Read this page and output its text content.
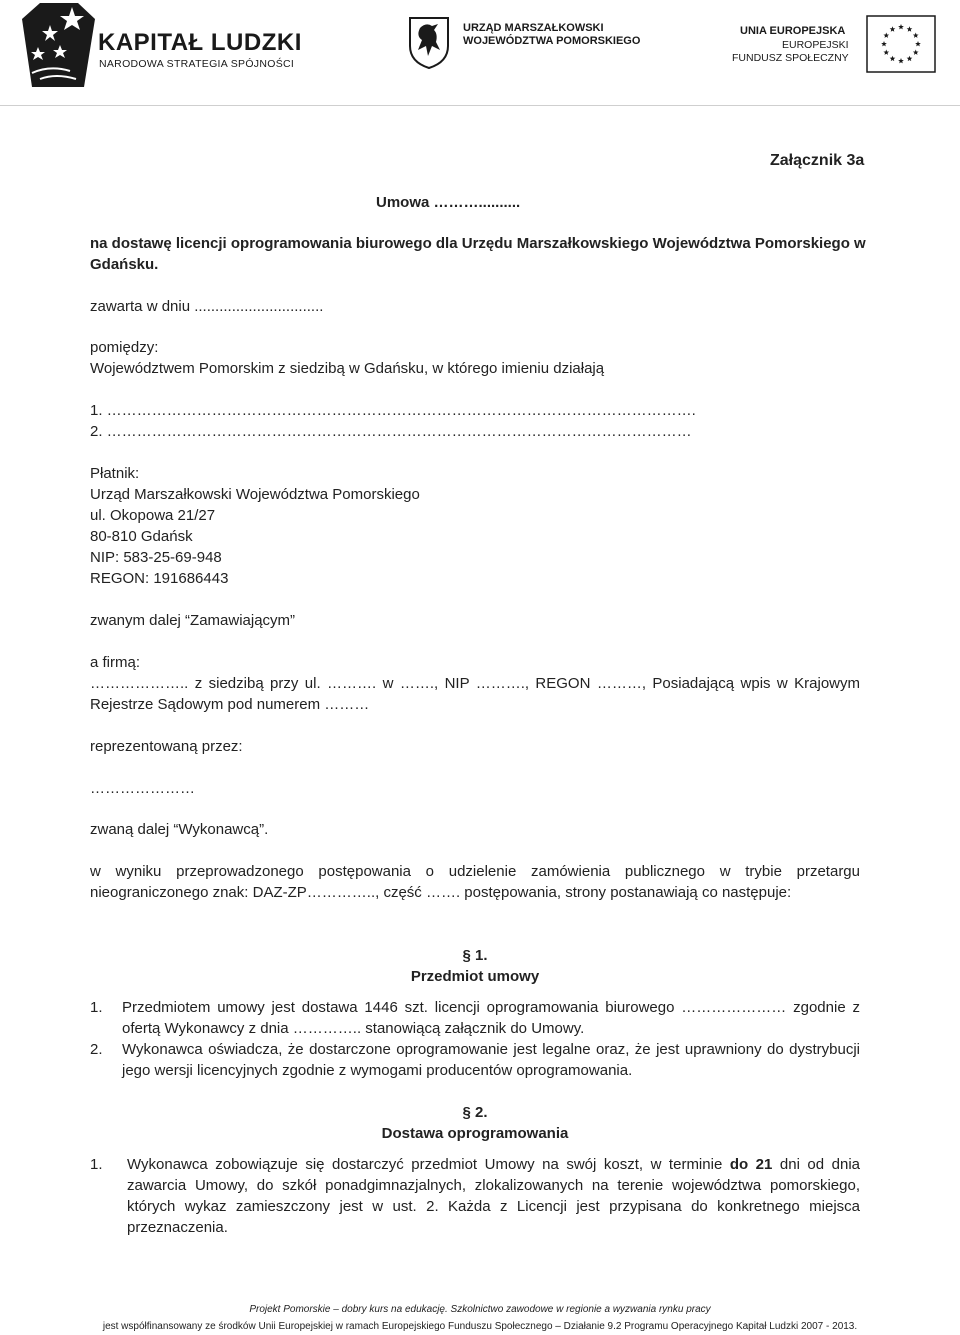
KAPITAŁ LUDZKI
NARODOWA STRATEGIA SPÓJNOŚCI
URZĄD MARSZAŁKOWSKI
WOJEWÓDZTWA POMORSKIEGO
UNIA EUROPEJSKA
EUROPEJSKI
FUNDUSZ SPOŁECZNY
Załącznik 3a
Umowa ………..........
na dostawę licencji oprogramowania biurowego dla Urzędu Marszałkowskiego Województwa Pomorskiego w Gdańsku.
zawarta w dniu ...............................
pomiędzy:
Województwem Pomorskim z siedzibą w Gdańsku, w którego imieniu działają
1. ……………………………………………………………………………………………………….
2. ………………………………………………………………………………………………………
Płatnik:
Urząd Marszałkowski Województwa Pomorskiego
ul. Okopowa 21/27
80-810 Gdańsk
NIP: 583-25-69-948
REGON: 191686443
zwanym dalej “Zamawiającym”
a firmą:
……………….. z siedzibą przy ul. ………. w ……., NIP ………., REGON ………, Posiadającą wpis w Krajowym Rejestrze Sądowym pod numerem ………
reprezentowaną przez:
…………………
zwaną dalej “Wykonawcą”.
w wyniku przeprowadzonego postępowania o udzielenie zamówienia publicznego w trybie przetargu nieograniczonego znak: DAZ-ZP………….., część ……. postępowania, strony postanawiają co następuje:
§ 1.
Przedmiot umowy
1. Przedmiotem umowy jest dostawa 1446 szt. licencji oprogramowania biurowego ………………… zgodnie z ofertą Wykonawcy z dnia ………….. stanowiącą załącznik do Umowy.
2. Wykonawca oświadcza, że dostarczone oprogramowanie jest legalne oraz, że jest uprawniony do dystrybucji jego wersji licencyjnych zgodnie z wymogami producentów oprogramowania.
§ 2.
Dostawa oprogramowania
1. Wykonawca zobowiązuje się dostarczyć przedmiot Umowy na swój koszt, w terminie do 21 dni od dnia zawarcia Umowy, do szkół ponadgimnazjalnych, zlokalizowanych na terenie województwa pomorskiego, których wykaz zamieszczony jest w ust. 2. Każda z Licencji jest przypisana do konkretnego miejsca przeznaczenia.
Projekt Pomorskie – dobry kurs na edukację. Szkolnictwo zawodowe w regionie a wyzwania rynku pracy
jest współfinansowany ze środków Unii Europejskiej w ramach Europejskiego Funduszu Społecznego – Działanie 9.2 Programu Operacyjnego Kapitał Ludzki 2007 - 2013.
